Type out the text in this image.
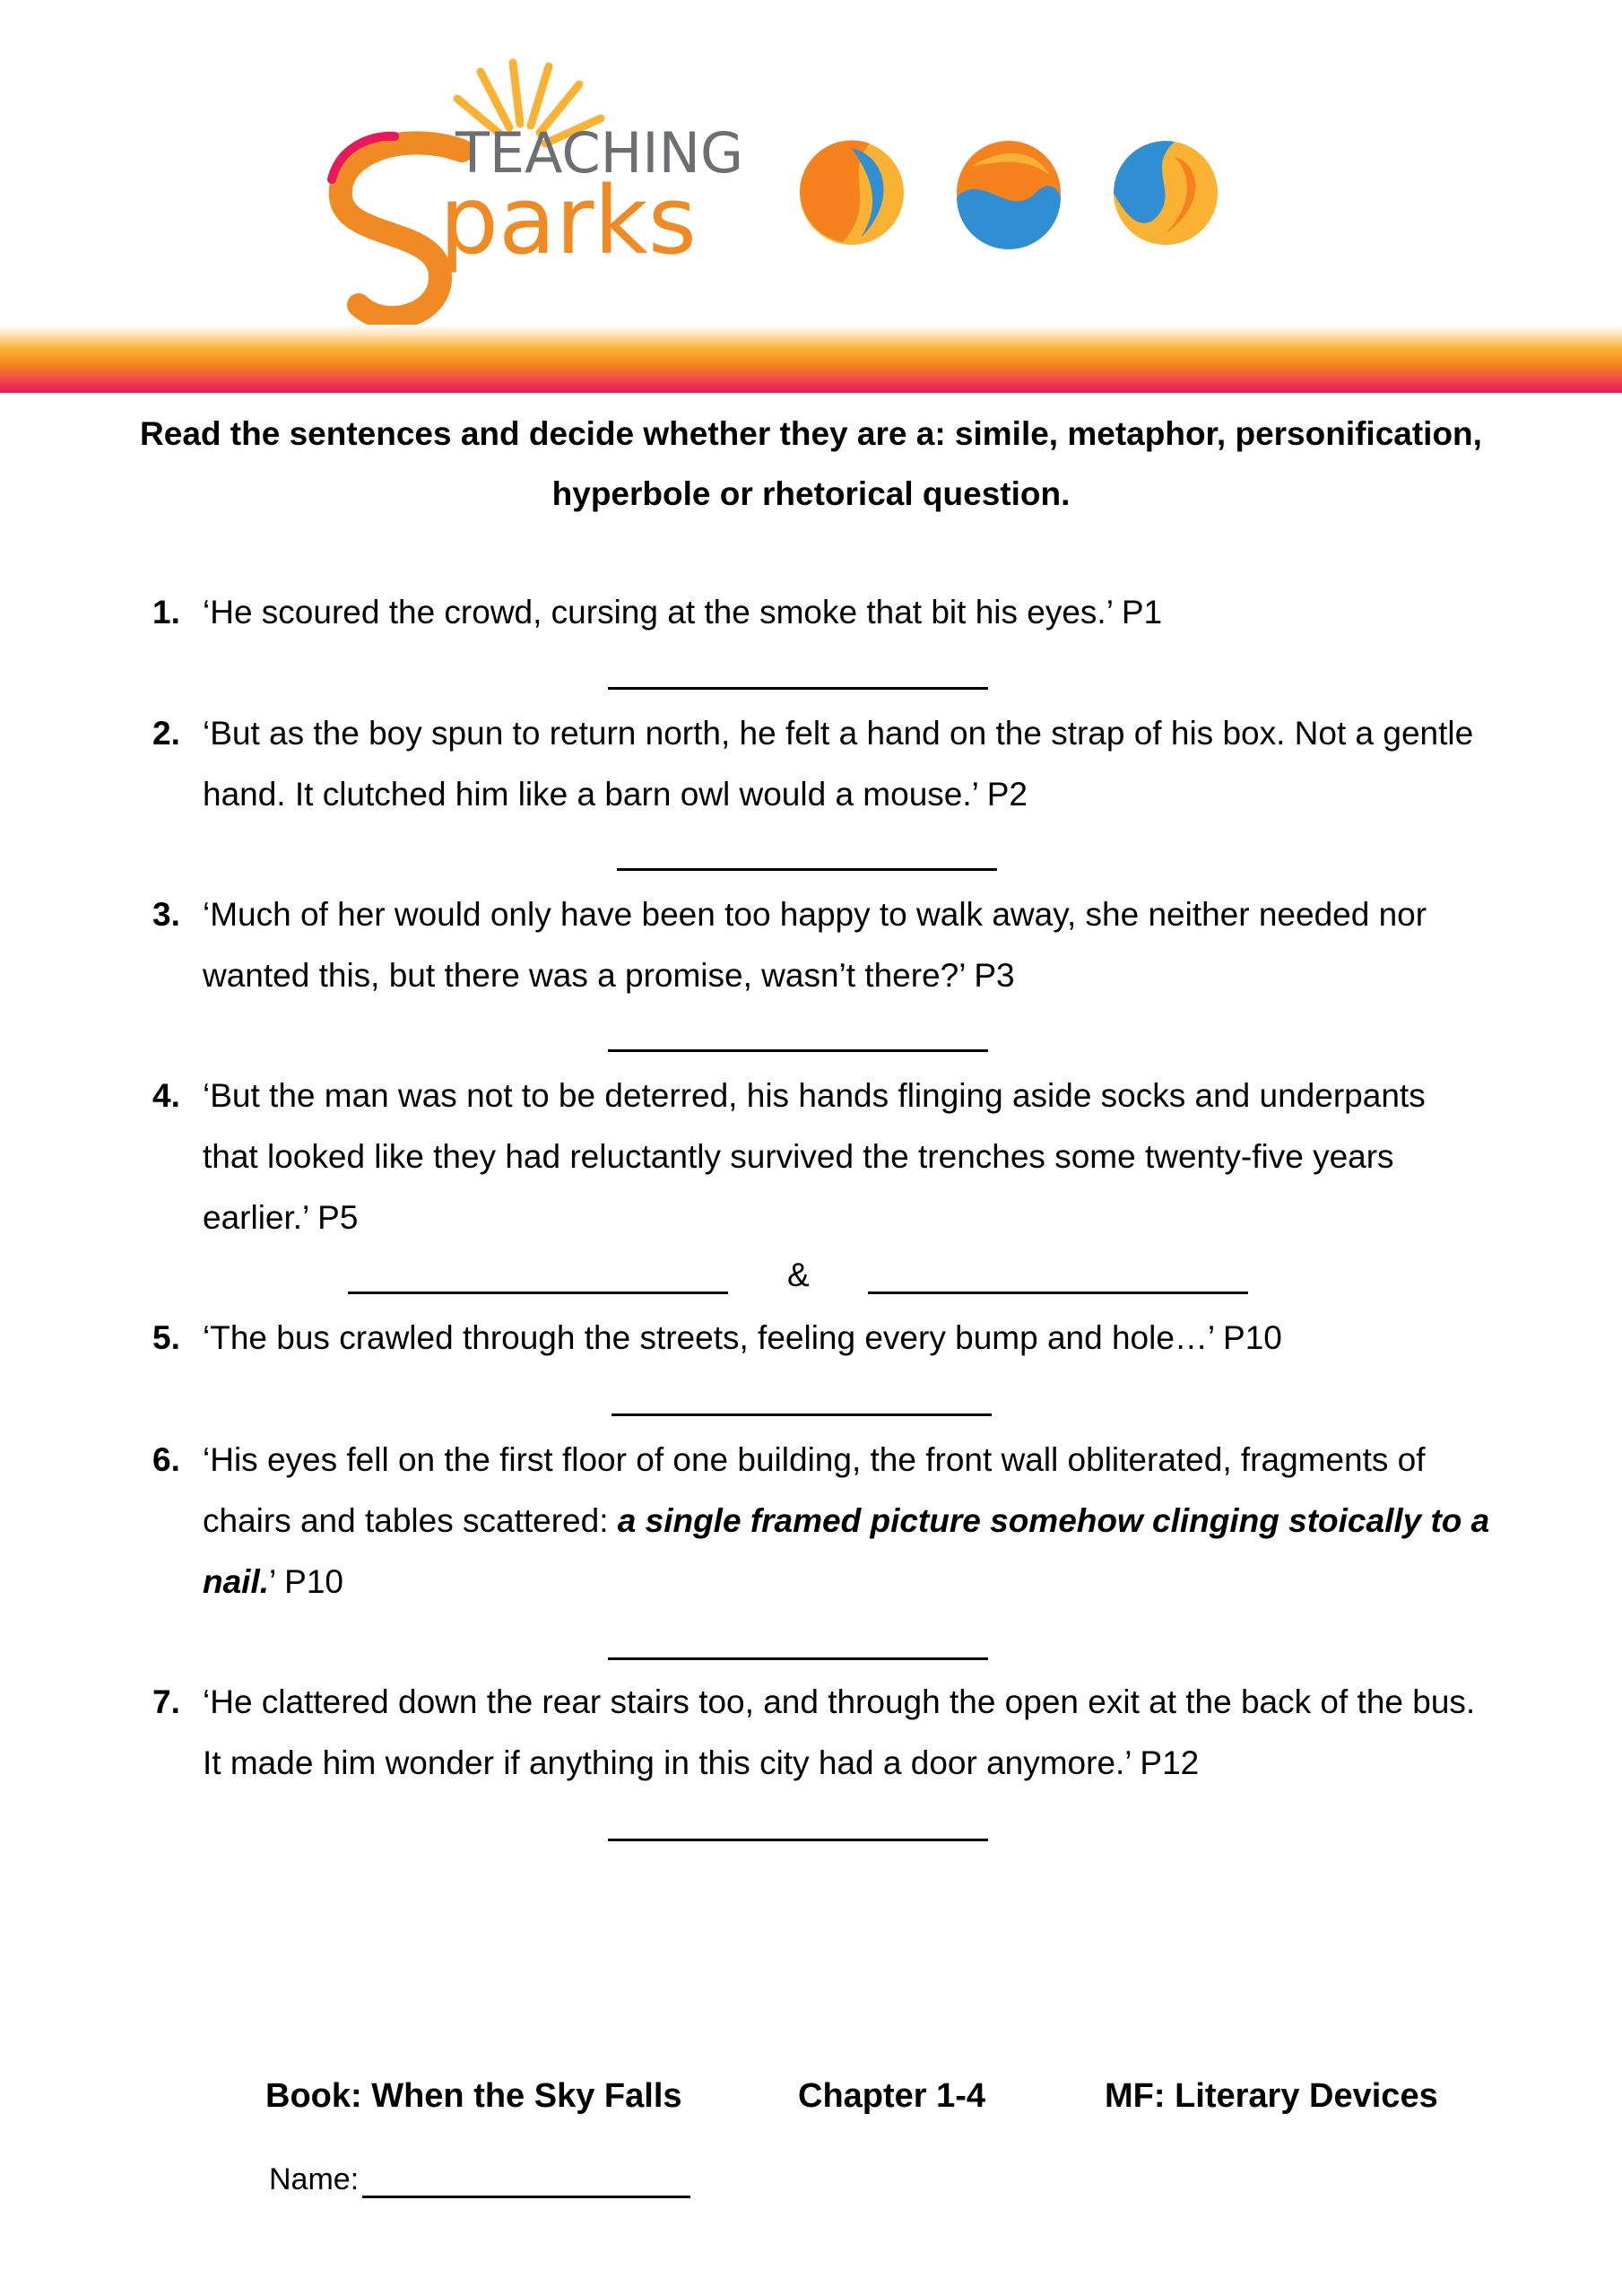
TEACHING
parks
Read the sentences and decide whether they are a: simile, metaphor, personification, hyperbole or rhetorical question.
1. ‘He scoured the crowd, cursing at the smoke that bit his eyes.’ P1
2. ‘But as the boy spun to return north, he felt a hand on the strap of his box. Not a gentle hand. It clutched him like a barn owl would a mouse.’ P2
3. ‘Much of her would only have been too happy to walk away, she neither needed nor wanted this, but there was a promise, wasn’t there?’ P3
4. ‘But the man was not to be deterred, his hands flinging aside socks and underpants that looked like they had reluctantly survived the trenches some twenty-five years earlier.’ P5
&
5. ‘The bus crawled through the streets, feeling every bump and hole…’ P10
6. ‘His eyes fell on the first floor of one building, the front wall obliterated, fragments of chairs and tables scattered: a single framed picture somehow clinging stoically to a nail.’ P10
7. ‘He clattered down the rear stairs too, and through the open exit at the back of the bus. It made him wonder if anything in this city had a door anymore.’ P12
Book: When the Sky Falls	Chapter 1-4	MF: Literary Devices
Name:
